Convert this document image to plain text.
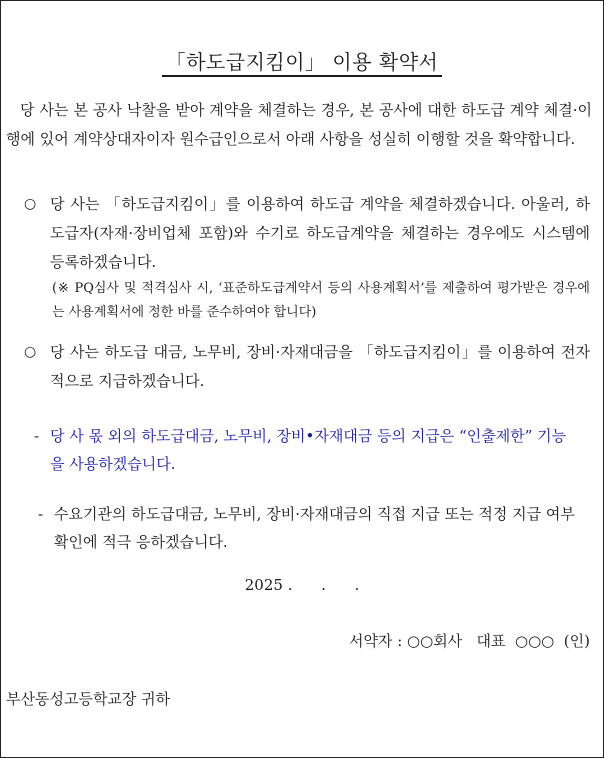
「하도급지킴이」 이용 확약서
당 사는 본 공사 낙찰을 받아 계약을 체결하는 경우, 본 공사에 대한 하도급 계약 체결·이행에 있어 계약상대자이자 원수급인으로서 아래 사항을 성실히 이행할 것을 확약합니다.
○ 당 사는 「하도급지킴이」를 이용하여 하도급 계약을 체결하겠습니다. 아울러, 하도급자(자재·장비업체 포함)와 수기로 하도급계약을 체결하는 경우에도 시스템에 등록하겠습니다.
(※ PQ심사 및 적격심사 시, ‘표준하도급계약서 등의 사용계획서’를 제출하여 평가받은 경우에는 사용계획서에 정한 바를 준수하여야 합니다)
○ 당 사는 하도급 대금, 노무비, 장비·자재대금을 「하도급지킴이」를 이용하여 전자적으로 지급하겠습니다.
- 당 사 몫 외의 하도급대금, 노무비, 장비•자재대금 등의 지급은 “인출제한” 기능을 사용하겠습니다.
- 수요기관의 하도급대금, 노무비, 장비·자재대금의 직접 지급 또는 적정 지급 여부 확인에 적극 응하겠습니다.
2025 .      .      .
서약자 : ○○회사   대표  ○○○  (인)
부산동성고등학교장 귀하
